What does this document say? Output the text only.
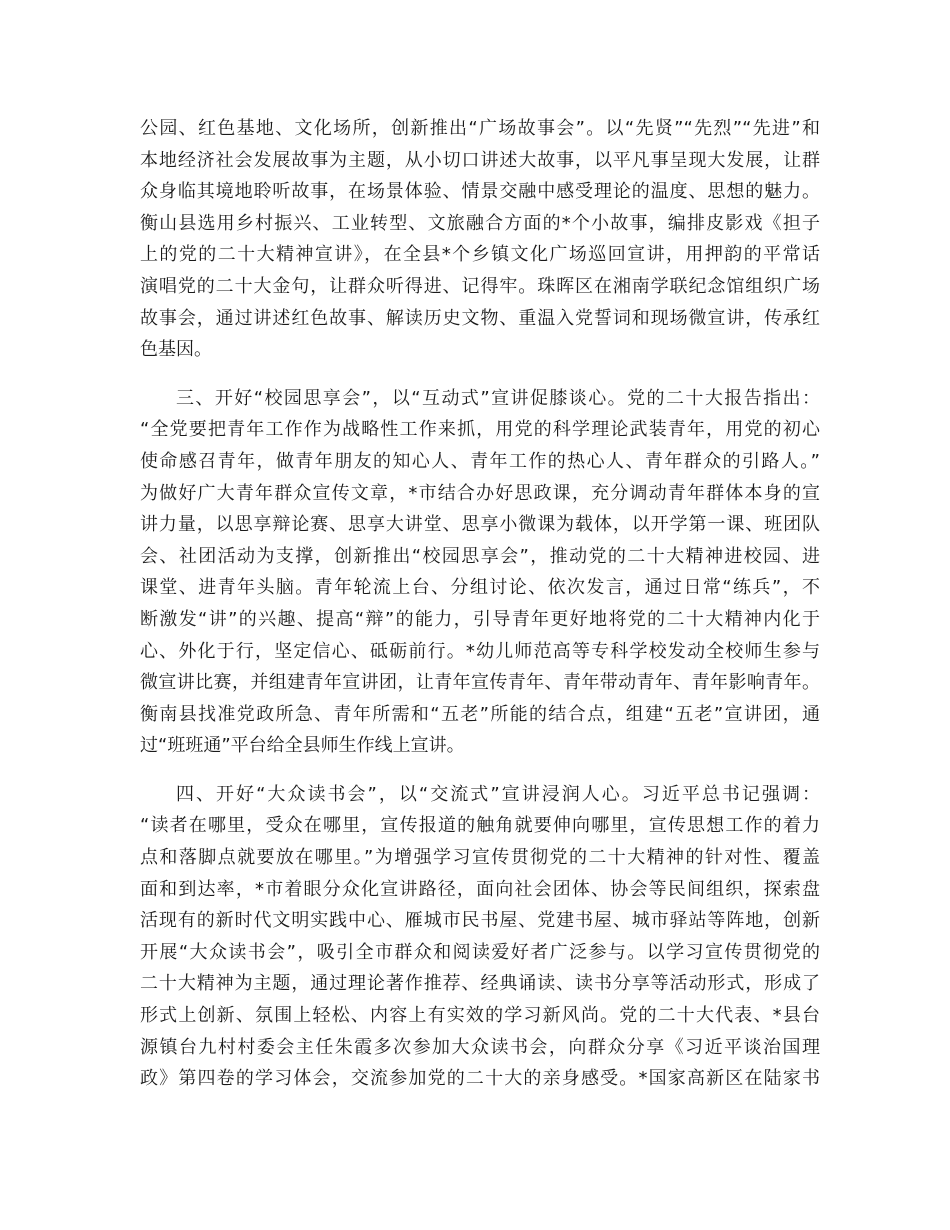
公园、红色基地、文化场所，创新推出“广场故事会”。以“先贤”“先烈”“先进”和
本地经济社会发展故事为主题，从小切口讲述大故事，以平凡事呈现大发展，让群
众身临其境地聆听故事，在场景体验、情景交融中感受理论的温度、思想的魅力。
衡山县选用乡村振兴、工业转型、文旅融合方面的*个小故事，编排皮影戏《担子
上的党的二十大精神宣讲》，在全县*个乡镇文化广场巡回宣讲，用押韵的平常话
演唱党的二十大金句，让群众听得进、记得牢。珠晖区在湘南学联纪念馆组织广场
故事会，通过讲述红色故事、解读历史文物、重温入党誓词和现场微宣讲，传承红
色基因。
三、开好“校园思享会”，以“互动式”宣讲促膝谈心。党的二十大报告指出：
“全党要把青年工作作为战略性工作来抓，用党的科学理论武装青年，用党的初心
使命感召青年，做青年朋友的知心人、青年工作的热心人、青年群众的引路人。”
为做好广大青年群众宣传文章，*市结合办好思政课，充分调动青年群体本身的宣
讲力量，以思享辩论赛、思享大讲堂、思享小微课为载体，以开学第一课、班团队
会、社团活动为支撑，创新推出“校园思享会”，推动党的二十大精神进校园、进
课堂、进青年头脑。青年轮流上台、分组讨论、依次发言，通过日常“练兵”，不
断激发“讲”的兴趣、提高“辩”的能力，引导青年更好地将党的二十大精神内化于
心、外化于行，坚定信心、砥砺前行。*幼儿师范高等专科学校发动全校师生参与
微宣讲比赛，并组建青年宣讲团，让青年宣传青年、青年带动青年、青年影响青年。
衡南县找准党政所急、青年所需和“五老”所能的结合点，组建“五老”宣讲团，通
过“班班通”平台给全县师生作线上宣讲。
四、开好“大众读书会”，以“交流式”宣讲浸润人心。习近平总书记强调：
“读者在哪里，受众在哪里，宣传报道的触角就要伸向哪里，宣传思想工作的着力
点和落脚点就要放在哪里。”为增强学习宣传贯彻党的二十大精神的针对性、覆盖
面和到达率，*市着眼分众化宣讲路径，面向社会团体、协会等民间组织，探索盘
活现有的新时代文明实践中心、雁城市民书屋、党建书屋、城市驿站等阵地，创新
开展“大众读书会”，吸引全市群众和阅读爱好者广泛参与。以学习宣传贯彻党的
二十大精神为主题，通过理论著作推荐、经典诵读、读书分享等活动形式，形成了
形式上创新、氛围上轻松、内容上有实效的学习新风尚。党的二十大代表、*县台
源镇台九村村委会主任朱霞多次参加大众读书会，向群众分享《习近平谈治国理
政》第四卷的学习体会，交流参加党的二十大的亲身感受。*国家高新区在陆家书
